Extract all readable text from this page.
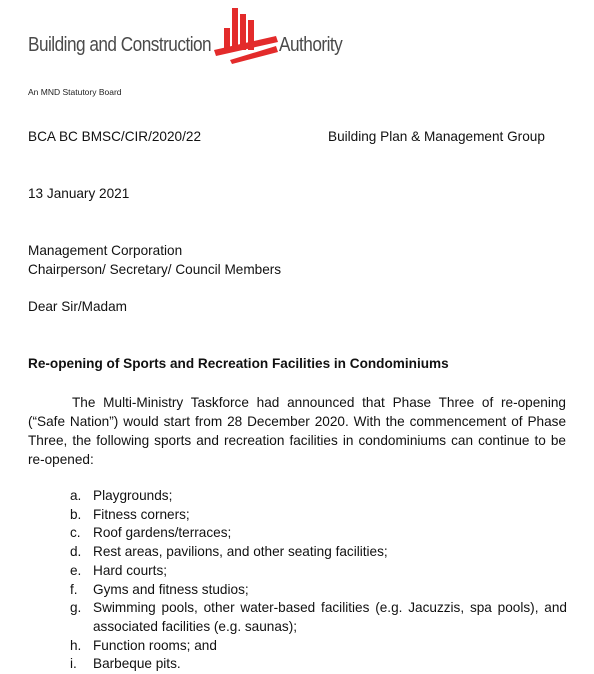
Building and Construction	Authority
An MND Statutory Board
BCA BC BMSC/CIR/2020/22	Building Plan & Management Group
13 January 2021
Management Corporation
Chairperson/ Secretary/ Council Members
Dear Sir/Madam
Re-opening of Sports and Recreation Facilities in Condominiums

The Multi-Ministry Taskforce had announced that Phase Three of re-opening (“Safe Nation”) would start from 28 December 2020. With the commencement of Phase Three, the following sports and recreation facilities in condominiums can continue to be re-opened:

a. Playgrounds;
b. Fitness corners;
c. Roof gardens/terraces;
d. Rest areas, pavilions, and other seating facilities;
e. Hard courts;
f.	Gyms and fitness studios;
g. Swimming pools, other water-based facilities (e.g. Jacuzzis, spa pools), and associated facilities (e.g. saunas);
h. Function rooms; and
i.	Barbeque pits.
